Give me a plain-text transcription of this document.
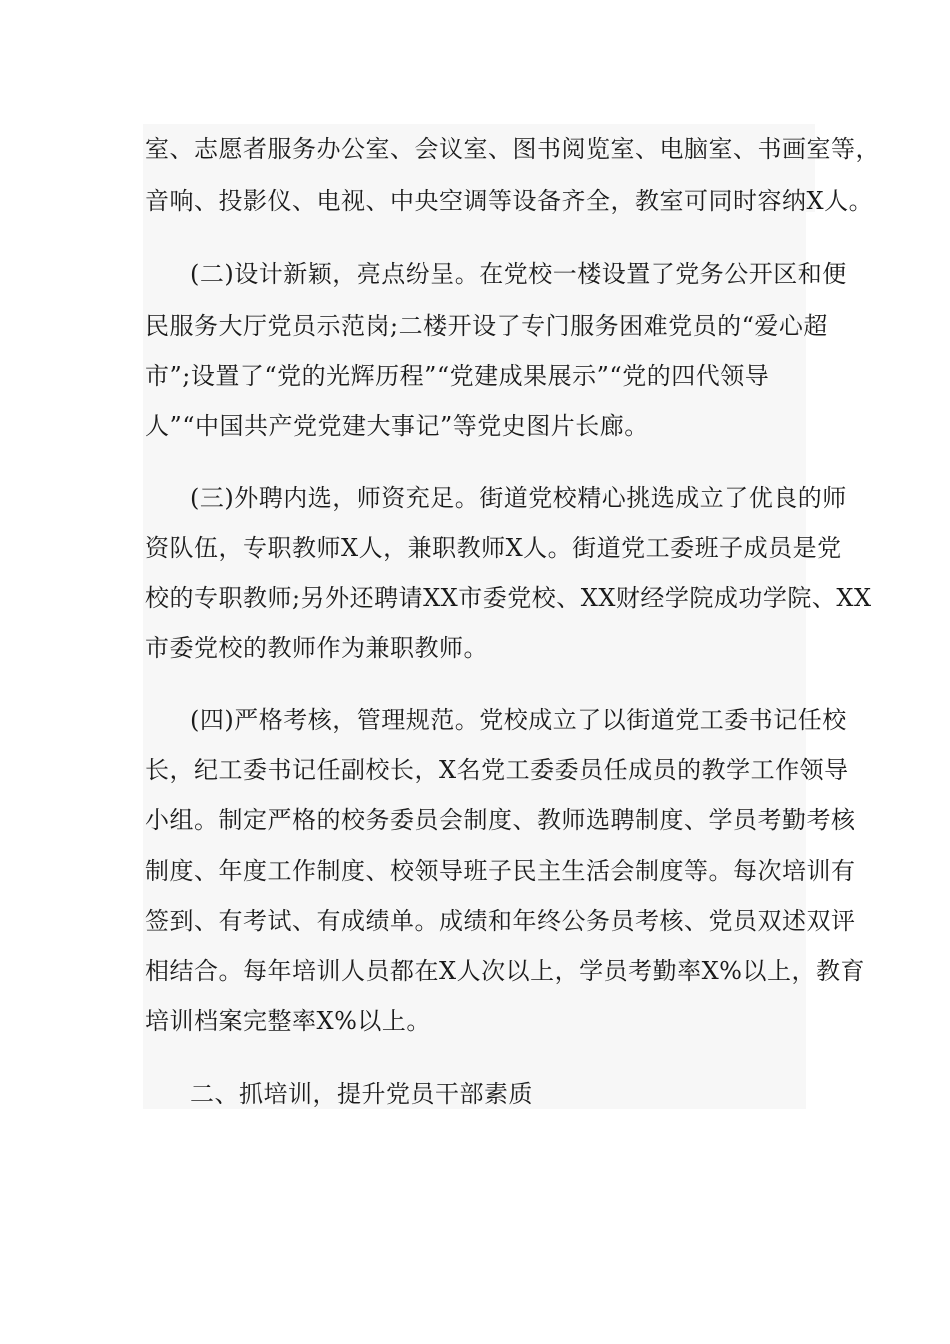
室、志愿者服务办公室、会议室、图书阅览室、电脑室、书画室等，
音响、投影仪、电视、中央空调等设备齐全，教室可同时容纳X人。
(二)设计新颖，亮点纷呈。在党校一楼设置了党务公开区和便
民服务大厅党员示范岗;二楼开设了专门服务困难党员的“爱心超
市”;设置了“党的光辉历程”“党建成果展示”“党的四代领导
人”“中国共产党党建大事记”等党史图片长廊。
(三)外聘内选，师资充足。街道党校精心挑选成立了优良的师
资队伍，专职教师X人，兼职教师X人。街道党工委班子成员是党
校的专职教师;另外还聘请XX市委党校、XX财经学院成功学院、XX
市委党校的教师作为兼职教师。
(四)严格考核，管理规范。党校成立了以街道党工委书记任校
长，纪工委书记任副校长，X名党工委委员任成员的教学工作领导
小组。制定严格的校务委员会制度、教师选聘制度、学员考勤考核
制度、年度工作制度、校领导班子民主生活会制度等。每次培训有
签到、有考试、有成绩单。成绩和年终公务员考核、党员双述双评
相结合。每年培训人员都在X人次以上，学员考勤率X%以上，教育
培训档案完整率X%以上。
二、抓培训，提升党员干部素质
